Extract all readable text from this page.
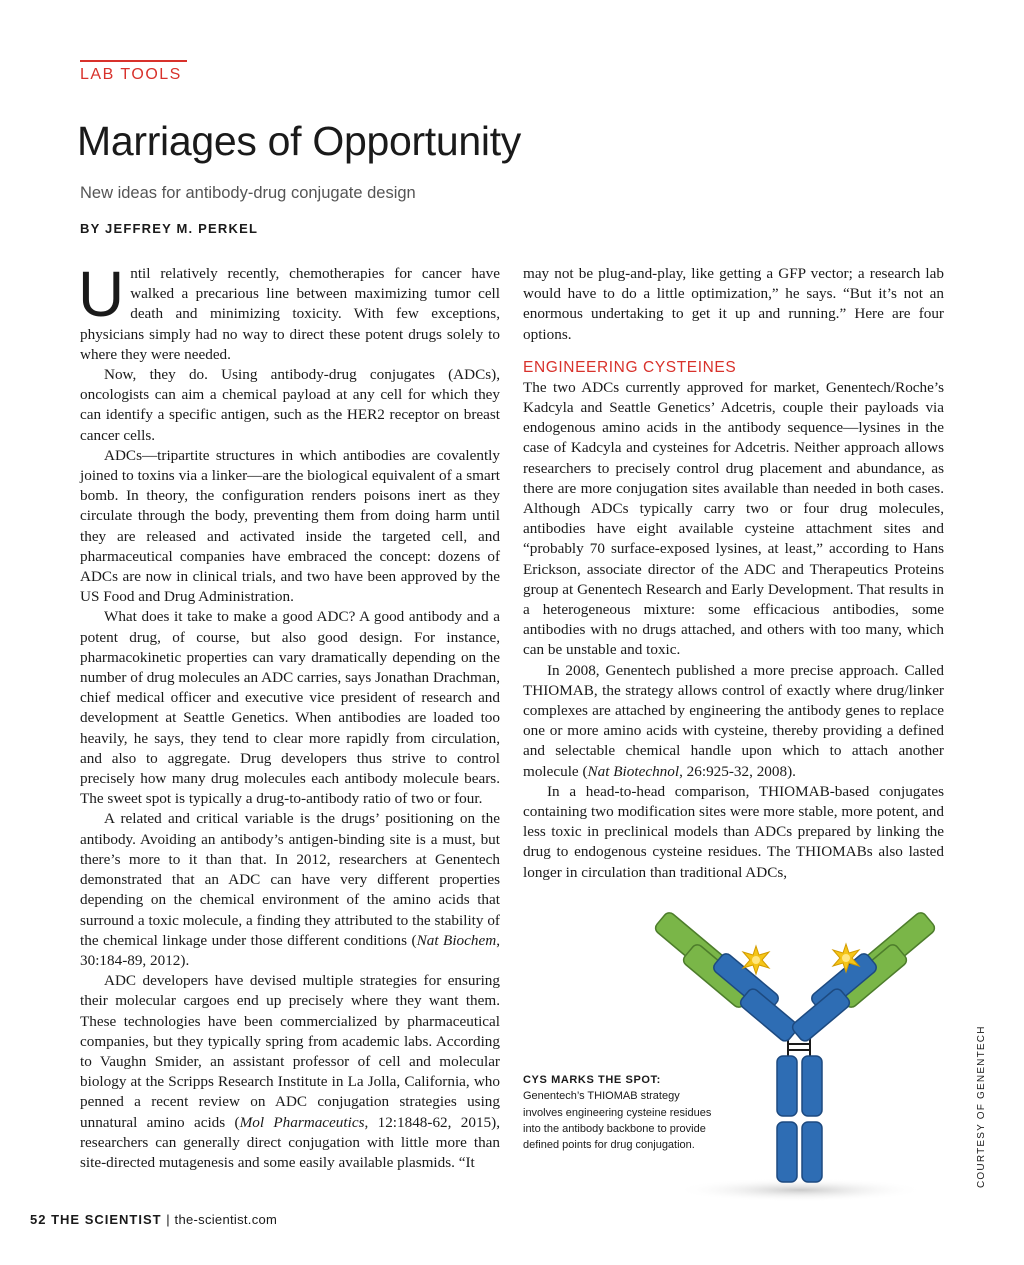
LAB TOOLS
Marriages of Opportunity
New ideas for antibody-drug conjugate design
BY JEFFREY M. PERKEL

Until relatively recently, chemotherapies for cancer have walked a precarious line between maximizing tumor cell death and minimizing toxicity. With few exceptions, physicians simply had no way to direct these potent drugs solely to where they were needed.

Now, they do. Using antibody-drug conjugates (ADCs), oncologists can aim a chemical payload at any cell for which they can identify a specific antigen, such as the HER2 receptor on breast cancer cells.

ADCs—tripartite structures in which antibodies are covalently joined to toxins via a linker—are the biological equivalent of a smart bomb. In theory, the configuration renders poisons inert as they circulate through the body, preventing them from doing harm until they are released and activated inside the targeted cell, and pharmaceutical companies have embraced the concept: dozens of ADCs are now in clinical trials, and two have been approved by the US Food and Drug Administration.

What does it take to make a good ADC? A good antibody and a potent drug, of course, but also good design. For instance, pharmacokinetic properties can vary dramatically depending on the number of drug molecules an ADC carries, says Jonathan Drachman, chief medical officer and executive vice president of research and development at Seattle Genetics. When antibodies are loaded too heavily, he says, they tend to clear more rapidly from circulation, and also to aggregate. Drug developers thus strive to control precisely how many drug molecules each antibody molecule bears. The sweet spot is typically a drug-to-antibody ratio of two or four.

A related and critical variable is the drugs’ positioning on the antibody. Avoiding an antibody’s antigen-binding site is a must, but there’s more to it than that. In 2012, researchers at Genentech demonstrated that an ADC can have very different properties depending on the chemical environment of the amino acids that surround a toxic molecule, a finding they attributed to the stability of the chemical linkage under those different conditions (Nat Biochem, 30:184-89, 2012).

ADC developers have devised multiple strategies for ensuring their molecular cargoes end up precisely where they want them. These technologies have been commercialized by pharmaceutical companies, but they typically spring from academic labs. According to Vaughn Smider, an assistant professor of cell and molecular biology at the Scripps Research Institute in La Jolla, California, who penned a recent review on ADC conjugation strategies using unnatural amino acids (Mol Pharmaceutics, 12:1848-62, 2015), researchers can generally direct conjugation with little more than site-directed mutagenesis and some easily available plasmids. “It

may not be plug-and-play, like getting a GFP vector; a research lab would have to do a little optimization,” he says. “But it’s not an enormous undertaking to get it up and running.” Here are four options.

ENGINEERING CYSTEINES

The two ADCs currently approved for market, Genentech/Roche’s Kadcyla and Seattle Genetics’ Adcetris, couple their payloads via endogenous amino acids in the antibody sequence—lysines in the case of Kadcyla and cysteines for Adcetris. Neither approach allows researchers to precisely control drug placement and abundance, as there are more conjugation sites available than needed in both cases. Although ADCs typically carry two or four drug molecules, antibodies have eight available cysteine attachment sites and “probably 70 surface-exposed lysines, at least,” according to Hans Erickson, associate director of the ADC and Therapeutics Proteins group at Genentech Research and Early Development. That results in a heterogeneous mixture: some efficacious antibodies, some antibodies with no drugs attached, and others with too many, which can be unstable and toxic.

In 2008, Genentech published a more precise approach. Called THIOMAB, the strategy allows control of exactly where drug/linker complexes are attached by engineering the antibody genes to replace one or more amino acids with cysteine, thereby providing a defined and selectable chemical handle upon which to attach another molecule (Nat Biotechnol, 26:925-32, 2008).

In a head-to-head comparison, THIOMAB-based conjugates containing two modification sites were more stable, more potent, and less toxic in preclinical models than ADCs prepared by linking the drug to endogenous cysteine residues. The THIOMABs also lasted longer in circulation than traditional ADCs,

CYS MARKS THE SPOT:
Genentech’s THIOMAB strategy involves engineering cysteine residues into the antibody backbone to provide defined points for drug conjugation.	COURTESY OF GENENTECH
52 THE SCIENTIST | the-scientist.com
